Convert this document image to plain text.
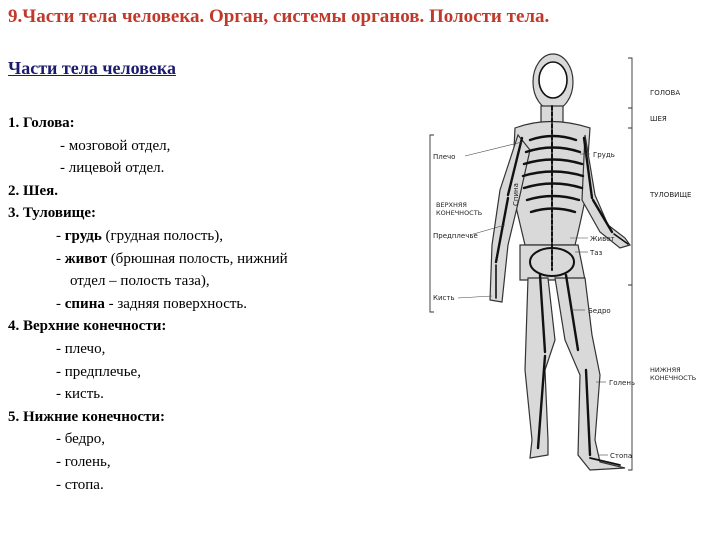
9.Части тела человека. Орган, системы органов. Полости тела.
Части тела человека
1. Голова:
- мозговой отдел,
- лицевой отдел.
2. Шея.
3. Туловище:
- грудь (грудная полость),
- живот (брюшная полость, нижний
отдел – полость таза),
- спина - задняя поверхность.
4. Верхние конечности:
- плечо,
- предплечье,
- кисть.
5. Нижние конечности:
- бедро,
- голень,
- стопа.
ГОЛОВА
ШЕЯ
Грудь
ТУЛОВИЩЕ
Живот
Таз
Бедро
НИЖНЯЯ
КОНЕЧНОСТЬ
Голень
Стопа
Плечо
ВЕРХНЯЯ
КОНЕЧНОСТЬ
Спина
Предплечье
Кисть
